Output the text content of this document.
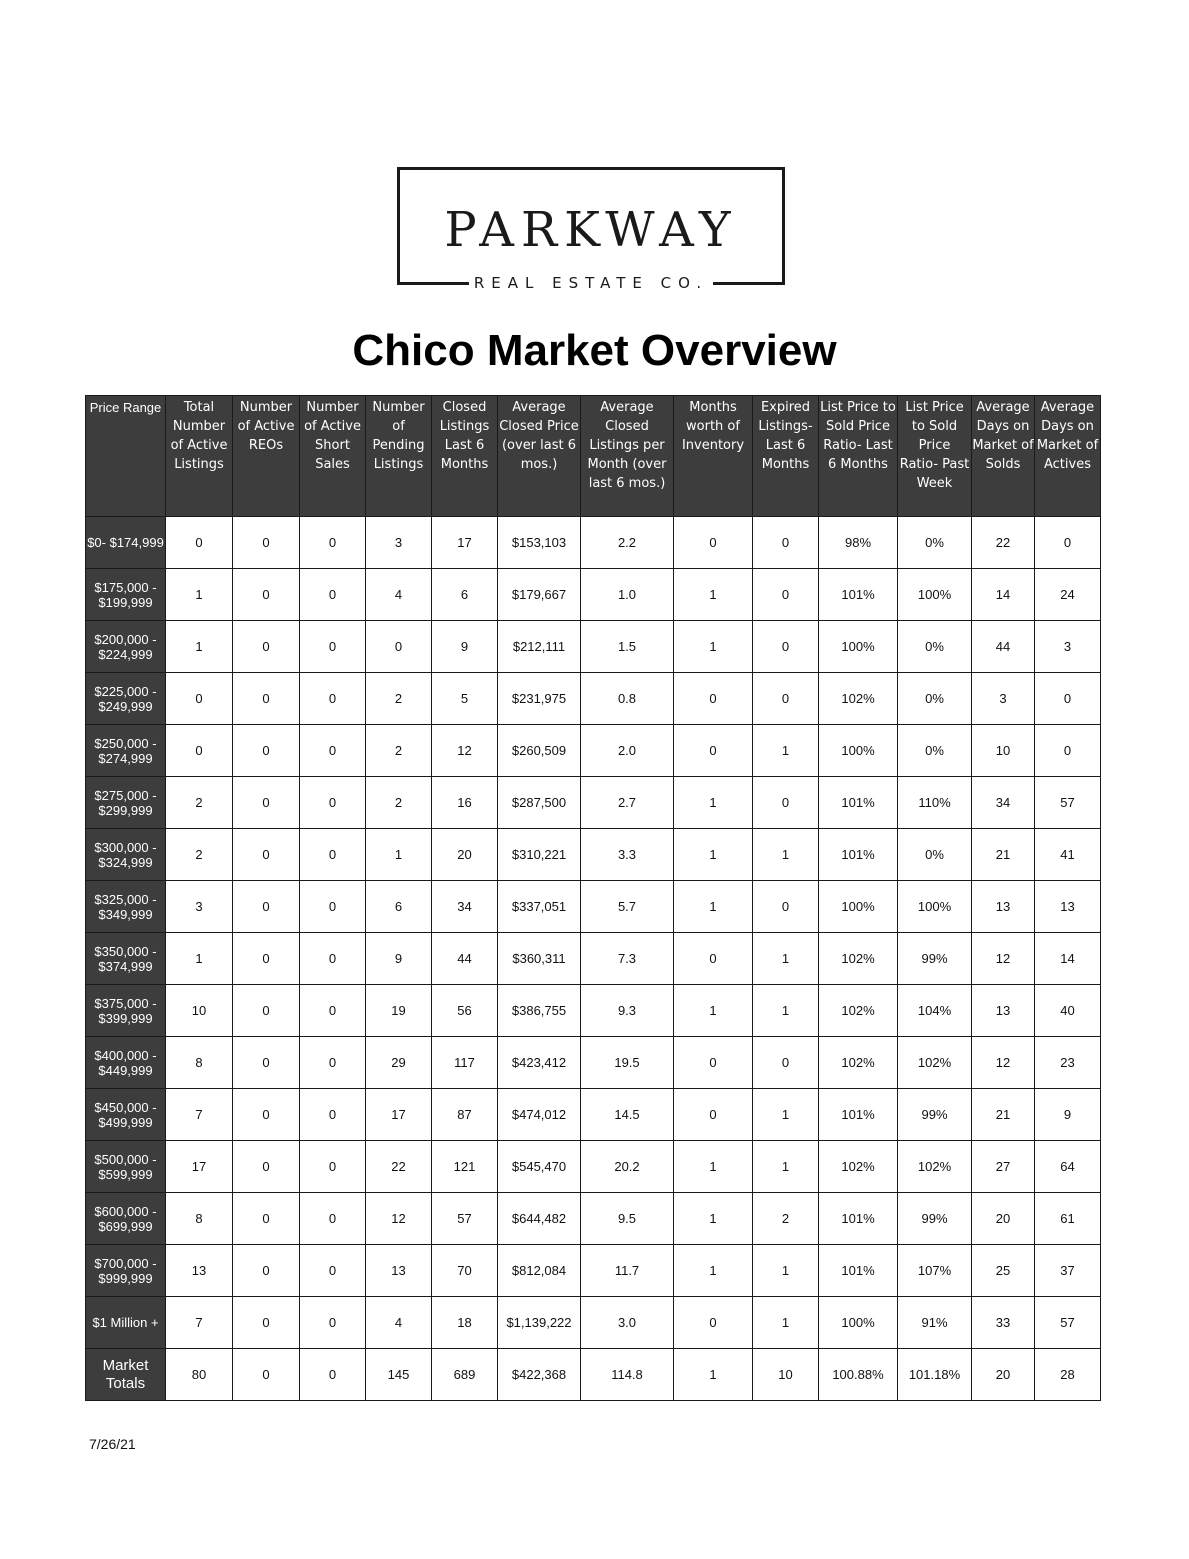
PARKWAY
REAL ESTATE CO.
Chico Market Overview
Price Range	Total Number of Active Listings	Number of Active REOs	Number of Active Short Sales	Number of Pending Listings	Closed Listings Last 6 Months	Average Closed Price (over last 6 mos.)	Average Closed Listings per Month (over last 6 mos.)	Months worth of Inventory	Expired Listings- Last 6 Months	List Price to Sold Price Ratio- Last 6 Months	List Price to Sold Price Ratio- Past Week	Average Days on Market of Solds	Average Days on Market of Actives
$0- $174,999	0	0	0	3	17	$153,103	2.2	0	0	98%	0%	22	0
$175,000 - $199,999	1	0	0	4	6	$179,667	1.0	1	0	101%	100%	14	24
$200,000 - $224,999	1	0	0	0	9	$212,111	1.5	1	0	100%	0%	44	3
$225,000 - $249,999	0	0	0	2	5	$231,975	0.8	0	0	102%	0%	3	0
$250,000 - $274,999	0	0	0	2	12	$260,509	2.0	0	1	100%	0%	10	0
$275,000 - $299,999	2	0	0	2	16	$287,500	2.7	1	0	101%	110%	34	57
$300,000 - $324,999	2	0	0	1	20	$310,221	3.3	1	1	101%	0%	21	41
$325,000 - $349,999	3	0	0	6	34	$337,051	5.7	1	0	100%	100%	13	13
$350,000 - $374,999	1	0	0	9	44	$360,311	7.3	0	1	102%	99%	12	14
$375,000 - $399,999	10	0	0	19	56	$386,755	9.3	1	1	102%	104%	13	40
$400,000 - $449,999	8	0	0	29	117	$423,412	19.5	0	0	102%	102%	12	23
$450,000 - $499,999	7	0	0	17	87	$474,012	14.5	0	1	101%	99%	21	9
$500,000 - $599,999	17	0	0	22	121	$545,470	20.2	1	1	102%	102%	27	64
$600,000 - $699,999	8	0	0	12	57	$644,482	9.5	1	2	101%	99%	20	61
$700,000 - $999,999	13	0	0	13	70	$812,084	11.7	1	1	101%	107%	25	37
$1 Million +	7	0	0	4	18	$1,139,222	3.0	0	1	100%	91%	33	57
Market Totals	80	0	0	145	689	$422,368	114.8	1	10	100.88%	101.18%	20	28
7/26/21
